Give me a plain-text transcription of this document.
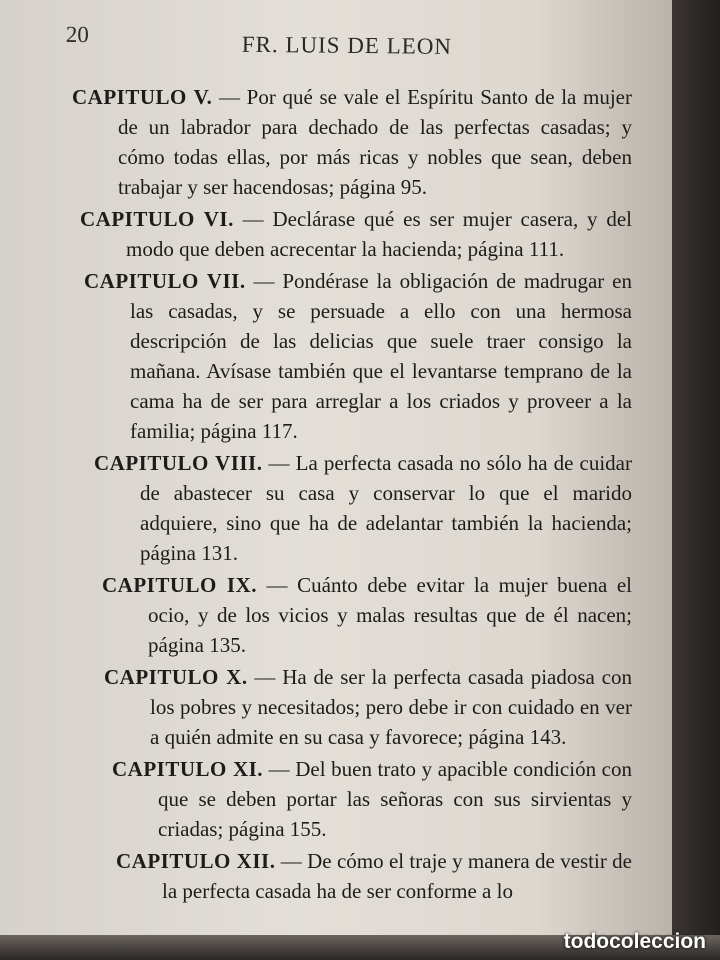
20	FR. LUIS DE LEON

CAPITULO V. — Por qué se vale el Espíritu Santo de la mujer de un labrador para dechado de las perfectas casadas; y cómo todas ellas, por más ricas y nobles que sean, deben trabajar y ser hacendosas; página 95.

CAPITULO VI. — Declárase qué es ser mujer casera, y del modo que deben acrecentar la hacienda; página 111.

CAPITULO VII. — Pondérase la obligación de madrugar en las casadas, y se persuade a ello con una hermosa descripción de las delicias que suele traer consigo la mañana. Avísase también que el levantarse temprano de la cama ha de ser para arreglar a los criados y proveer a la familia; página 117.

CAPITULO VIII. — La perfecta casada no sólo ha de cuidar de abastecer su casa y conservar lo que el marido adquiere, sino que ha de adelantar también la hacienda; página 131.

CAPITULO IX. — Cuánto debe evitar la mujer buena el ocio, y de los vicios y malas resultas que de él nacen; página 135.

CAPITULO X. — Ha de ser la perfecta casada piadosa con los pobres y necesitados; pero debe ir con cuidado en ver a quién admite en su casa y favorece; página 143.

CAPITULO XI. — Del buen trato y apacible condición con que se deben portar las señoras con sus sirvientas y criadas; página 155.

CAPITULO XII. — De cómo el traje y manera de vestir de la perfecta casada ha de ser conforme a lo

todocoleccion
